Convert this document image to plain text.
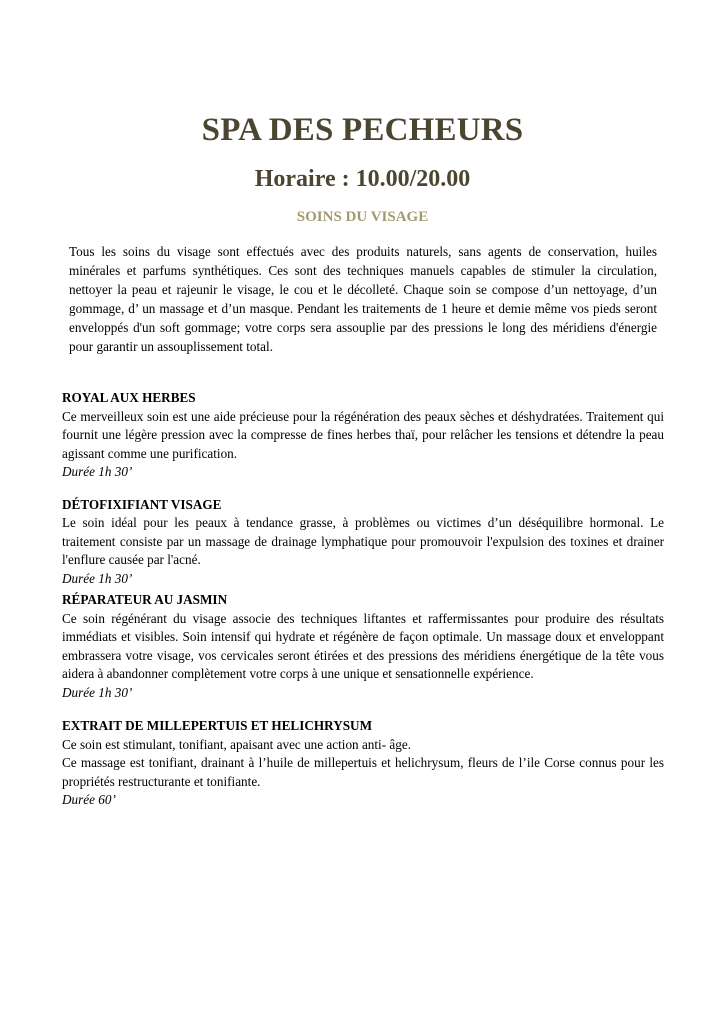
SPA DES PECHEURS
Horaire : 10.00/20.00
SOINS DU VISAGE

Tous les soins du visage sont effectués avec des produits naturels, sans agents de conservation, huiles minérales et parfums synthétiques. Ces sont des techniques manuels capables de stimuler la circulation, nettoyer la peau et rajeunir le visage, le cou et le décolleté. Chaque soin se compose d’un nettoyage, d’un gommage, d’ un massage et d’un masque. Pendant les traitements de 1 heure et demie même vos pieds seront enveloppés d'un soft gommage; votre corps sera assouplie par des pressions le long des méridiens d'énergie pour garantir un assouplissement total.

ROYAL AUX HERBES

Ce merveilleux soin est une aide précieuse pour la régénération des peaux sèches et déshydratées. Traitement qui fournit une légère pression avec la compresse de fines herbes thaï, pour relâcher les tensions et détendre la peau agissant comme une purification.

Durée 1h 30’

DÉTOFIXIFIANT VISAGE

Le soin idéal pour les peaux à tendance grasse, à problèmes ou victimes d’un déséquilibre hormonal. Le traitement consiste par un massage de drainage lymphatique pour promouvoir l'expulsion des toxines et drainer l'enflure causée par l'acné.

Durée 1h 30’

RÉPARATEUR AU JASMIN

Ce soin régénérant du visage associe des techniques liftantes et raffermissantes pour produire des résultats immédiats et visibles. Soin intensif qui hydrate et régénère de façon optimale. Un massage doux et enveloppant embrassera votre visage, vos cervicales seront étirées et des pressions des méridiens énergétique de la tête vous aidera à abandonner complètement votre corps à une unique et sensationnelle expérience.

Durée 1h 30’

EXTRAIT DE MILLEPERTUIS ET HELICHRYSUM

Ce soin est stimulant, tonifiant, apaisant avec une action anti- âge.

Ce massage est tonifiant, drainant à l’huile de millepertuis et helichrysum, fleurs de l’ile Corse connus pour les propriétés restructurante et tonifiante.

Durée 60’
